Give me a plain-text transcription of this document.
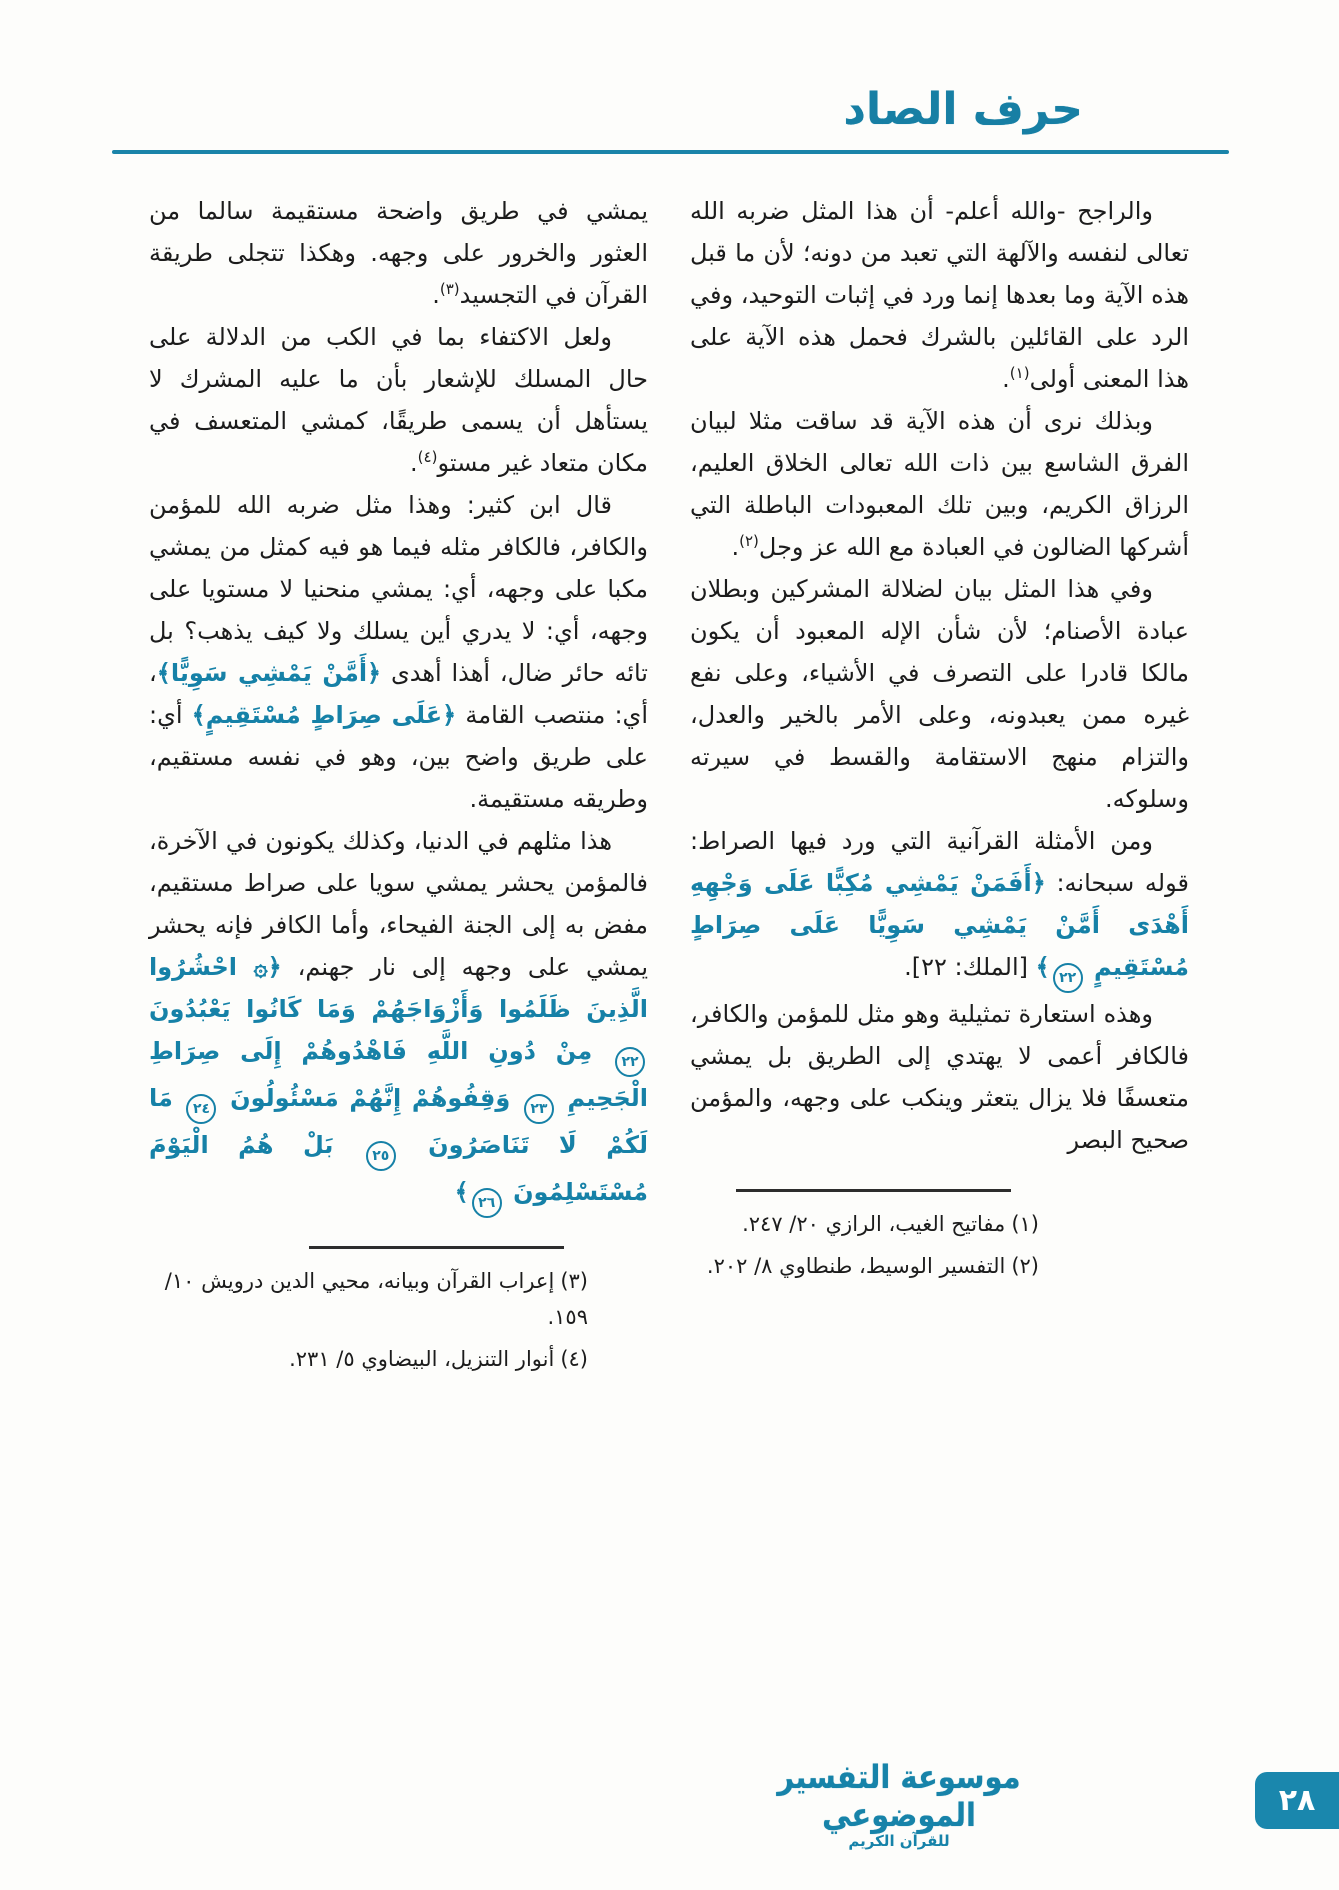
حرف الصاد

والراجح -والله أعلم- أن هذا المثل ضربه الله تعالى لنفسه والآلهة التي تعبد من دونه؛ لأن ما قبل هذه الآية وما بعدها إنما ورد في إثبات التوحيد، وفي الرد على القائلين بالشرك فحمل هذه الآية على هذا المعنى أولى$^{(١)}$.

وبذلك نرى أن هذه الآية قد ساقت مثلا لبيان الفرق الشاسع بين ذات الله تعالى الخلاق العليم، الرزاق الكريم، وبين تلك المعبودات الباطلة التي أشركها الضالون في العبادة مع الله عز وجل$^{(٢)}$.

وفي هذا المثل بيان لضلالة المشركين وبطلان عبادة الأصنام؛ لأن شأن الإله المعبود أن يكون مالكا قادرا على التصرف في الأشياء، وعلى نفع غيره ممن يعبدونه، وعلى الأمر بالخير والعدل، والتزام منهج الاستقامة والقسط في سيرته وسلوكه.

ومن الأمثلة القرآنية التي ورد فيها الصراط: قوله سبحانه: ﴿أَفَمَنْ يَمْشِي مُكِبًّا عَلَى وَجْهِهِ أَهْدَى أَمَّنْ يَمْشِي سَوِيًّا عَلَى صِرَاطٍ مُسْتَقِيمٍ ٢٢﴾ [الملك: ٢٢].

وهذه استعارة تمثيلية وهو مثل للمؤمن والكافر، فالكافر أعمى لا يهتدي إلى الطريق بل يمشي متعسفًا فلا يزال يتعثر وينكب على وجهه، والمؤمن صحيح البصر

(١)مفاتيح الغيب، الرازي ٢٠/ ٢٤٧.
(٢)التفسير الوسيط، طنطاوي ٨/ ٢٠٢.

يمشي في طريق واضحة مستقيمة سالما من العثور والخرور على وجهه. وهكذا تتجلى طريقة القرآن في التجسيد$^{(٣)}$.

ولعل الاكتفاء بما في الكب من الدلالة على حال المسلك للإشعار بأن ما عليه المشرك لا يستأهل أن يسمى طريقًا، كمشي المتعسف في مكان متعاد غير مستو$^{(٤)}$.

قال ابن كثير: وهذا مثل ضربه الله للمؤمن والكافر، فالكافر مثله فيما هو فيه كمثل من يمشي مكبا على وجهه، أي: يمشي منحنيا لا مستويا على وجهه، أي: لا يدري أين يسلك ولا كيف يذهب؟ بل تائه حائر ضال، أهذا أهدى ﴿أَمَّنْ يَمْشِي سَوِيًّا﴾، أي: منتصب القامة ﴿عَلَى صِرَاطٍ مُسْتَقِيمٍ﴾ أي: على طريق واضح بين، وهو في نفسه مستقيم، وطريقه مستقيمة.

هذا مثلهم في الدنيا، وكذلك يكونون في الآخرة، فالمؤمن يحشر يمشي سويا على صراط مستقيم، مفض به إلى الجنة الفيحاء، وأما الكافر فإنه يحشر يمشي على وجهه إلى نار جهنم، ﴿۞ احْشُرُوا الَّذِينَ ظَلَمُوا وَأَزْوَاجَهُمْ وَمَا كَانُوا يَعْبُدُونَ ٢٢ مِنْ دُونِ اللَّهِ فَاهْدُوهُمْ إِلَى صِرَاطِ الْجَحِيمِ ٢٣ وَقِفُوهُمْ إِنَّهُمْ مَسْئُولُونَ ٢٤ مَا لَكُمْ لَا تَنَاصَرُونَ ٢٥ بَلْ هُمُ الْيَوْمَ مُسْتَسْلِمُونَ ٢٦﴾

(٣)إعراب القرآن وبيانه، محيي الدين درويش ١٠/ ١٥٩.
(٤)أنوار التنزيل، البيضاوي ٥/ ٢٣١.
موسوعة التفسير الموضوعي
للقرآن الكريم
٢٨
